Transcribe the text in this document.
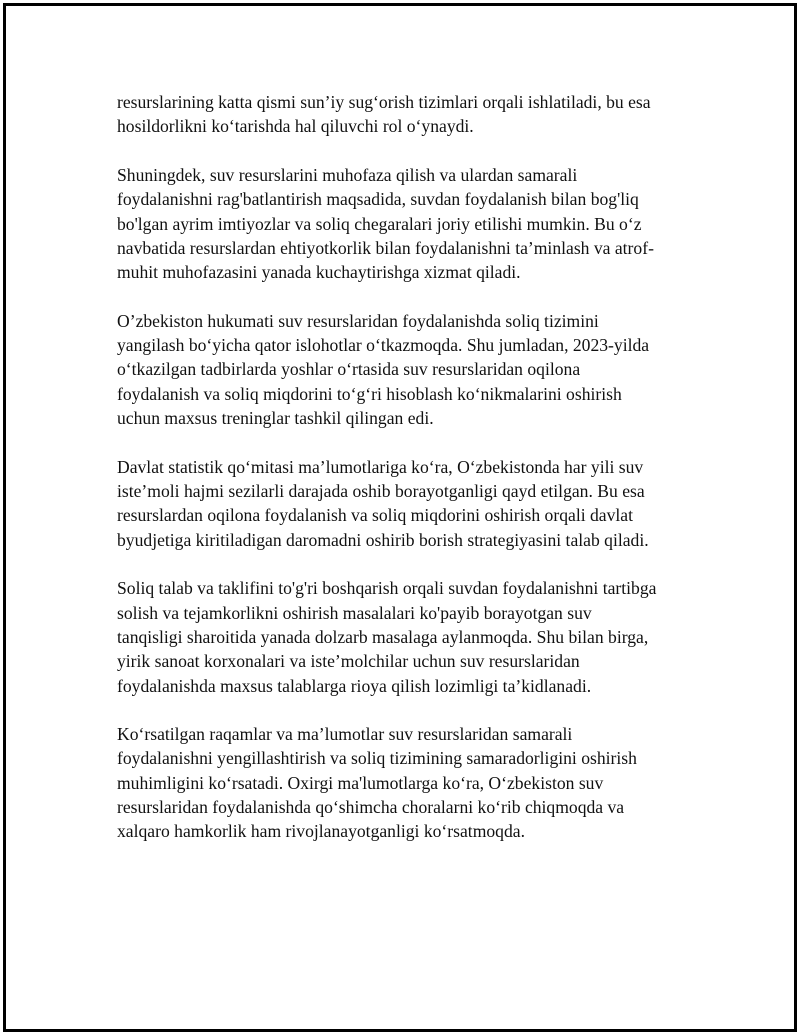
resurslarining katta qismi sun’iy sug‘orish tizimlari orqali ishlatiladi, bu esa
hosildorlikni ko‘tarishda hal qiluvchi rol o‘ynaydi.

Shuningdek, suv resurslarini muhofaza qilish va ulardan samarali
foydalanishni rag'batlantirish maqsadida, suvdan foydalanish bilan bog'liq
bo'lgan ayrim imtiyozlar va soliq chegaralari joriy etilishi mumkin. Bu o‘z
navbatida resurslardan ehtiyotkorlik bilan foydalanishni ta’minlash va atrof-
muhit muhofazasini yanada kuchaytirishga xizmat qiladi.

O’zbekiston hukumati suv resurslaridan foydalanishda soliq tizimini
yangilash bo‘yicha qator islohotlar o‘tkazmoqda. Shu jumladan, 2023-yilda
o‘tkazilgan tadbirlarda yoshlar o‘rtasida suv resurslaridan oqilona
foydalanish va soliq miqdorini to‘g‘ri hisoblash ko‘nikmalarini oshirish
uchun maxsus treninglar tashkil qilingan edi.

Davlat statistik qo‘mitasi ma’lumotlariga ko‘ra, O‘zbekistonda har yili suv
iste’moli hajmi sezilarli darajada oshib borayotganligi qayd etilgan. Bu esa
resurslardan oqilona foydalanish va soliq miqdorini oshirish orqali davlat
byudjetiga kiritiladigan daromadni oshirib borish strategiyasini talab qiladi.

Soliq talab va taklifini to'g'ri boshqarish orqali suvdan foydalanishni tartibga
solish va tejamkorlikni oshirish masalalari ko'payib borayotgan suv
tanqisligi sharoitida yanada dolzarb masalaga aylanmoqda. Shu bilan birga,
yirik sanoat korxonalari va iste’molchilar uchun suv resurslaridan
foydalanishda maxsus talablarga rioya qilish lozimligi ta’kidlanadi.

Ko‘rsatilgan raqamlar va ma’lumotlar suv resurslaridan samarali
foydalanishni yengillashtirish va soliq tizimining samaradorligini oshirish
muhimligini ko‘rsatadi. Oxirgi ma'lumotlarga ko‘ra, O‘zbekiston suv
resurslaridan foydalanishda qo‘shimcha choralarni ko‘rib chiqmoqda va
xalqaro hamkorlik ham rivojlanayotganligi ko‘rsatmoqda.
